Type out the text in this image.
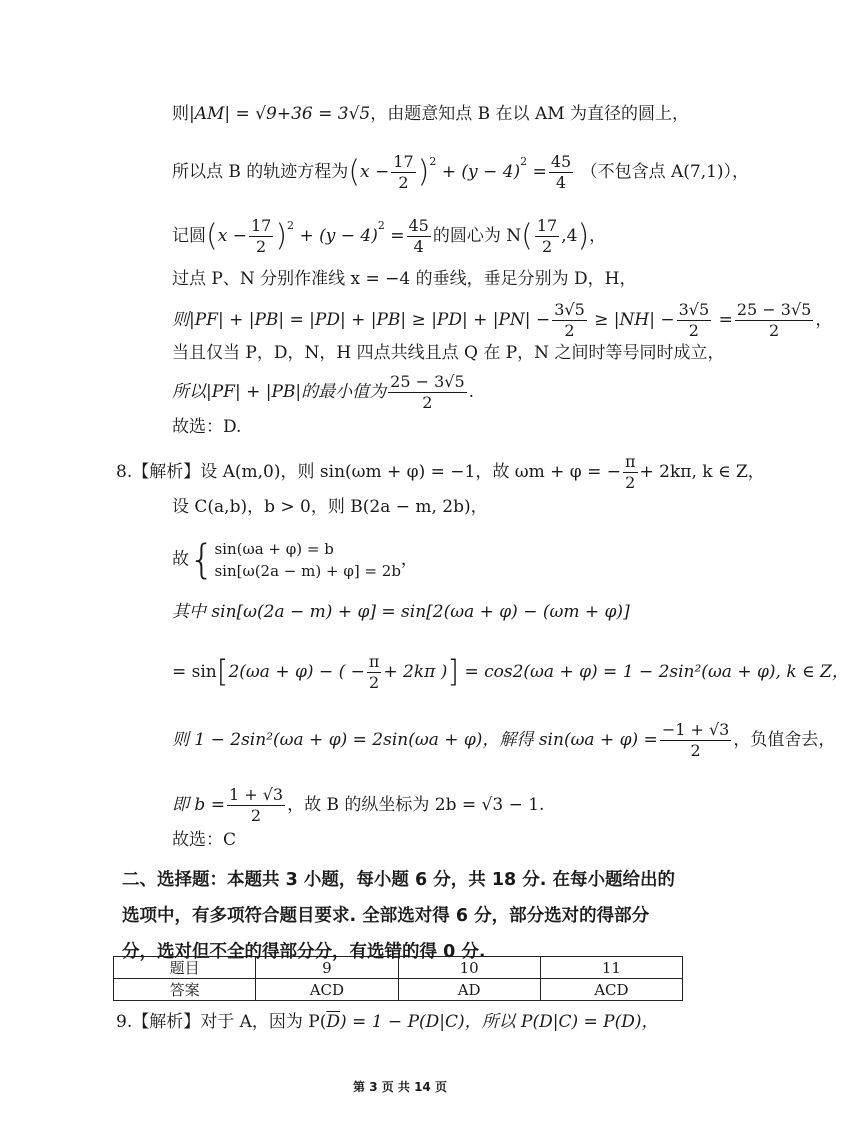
则|AM| = √9+36 = 3√5，由题意知点 B 在以 AM 为直径的圆上，
所以点 B 的轨迹方程为$(x - \frac{17}{2} )^2 + (y - 4)^2 = \frac{45}{4}$ （不包含点 A(7,1)），
记圆$(x - \frac{17}{2} )^2 + (y - 4)^2 = \frac{45}{4}$ 的圆心为 $N( \frac{17}{2} ,4)$，
过点 P、N 分别作准线 x = −4 的垂线，垂足分别为 D，H，
则$|PF| + |PB| = |PD| + |PB| \ge |PD| + |PN| - \frac{3√5}{2} \ge |NH| - \frac{3√5}{2} = \frac{25 - 3√5}{2}$ ，
当且仅当 P，D，N，H 四点共线且点 Q 在 P，N 之间时等号同时成立，
所以|PF| + |PB|的最小值为 $\frac{25 - 3√5}{2}$ .
故选：D.
8.【解析】设 A(m,0)，则 sin(ωm + φ) = −1，故 ωm + φ = − $\frac{\pi}{2} + 2k\pi$, k ∈ Z，
设 C(a,b)，b > 0，则 B(2a − m, 2b)，
故{ sin(ωa + φ) = b
sin[ω(2a − m) + φ] = 2b
，
其中 sin[ω(2a − m) + φ] = sin[2(ωa + φ) − (ωm + φ)]
= sin[2(ωa + φ) − ( − $\frac{\pi}{2} + 2k\pi$ )] = cos2(ωa + φ) = 1 − 2sin²(ωa + φ), k ∈ Z，
则 1 − 2sin²(ωa + φ) = 2sin(ωa + φ)，解得 $\sin(\omega a + \varphi) = \frac{-1 + √3}{2}$ ，负值舍去，
即 $b = \frac{1 + √3}{2}$ ，故 B 的纵坐标为 2b = √3 − 1.
故选：C
二、选择题：本题共 3 小题，每小题 6 分，共 18 分. 在每小题给出的选项中，有多项符合题目要求. 全部选对得 6 分，部分选对的得部分分，选对但不全的得部分分，有选错的得 0 分.
题目	9	10	11
答案	ACD	AD	ACD
9.【解析】对于 A，因为 $P(\overline{D}) = 1 - P(D|C)$，所以 P(D|C) = P(D)，
第 3 页 共 14 页
